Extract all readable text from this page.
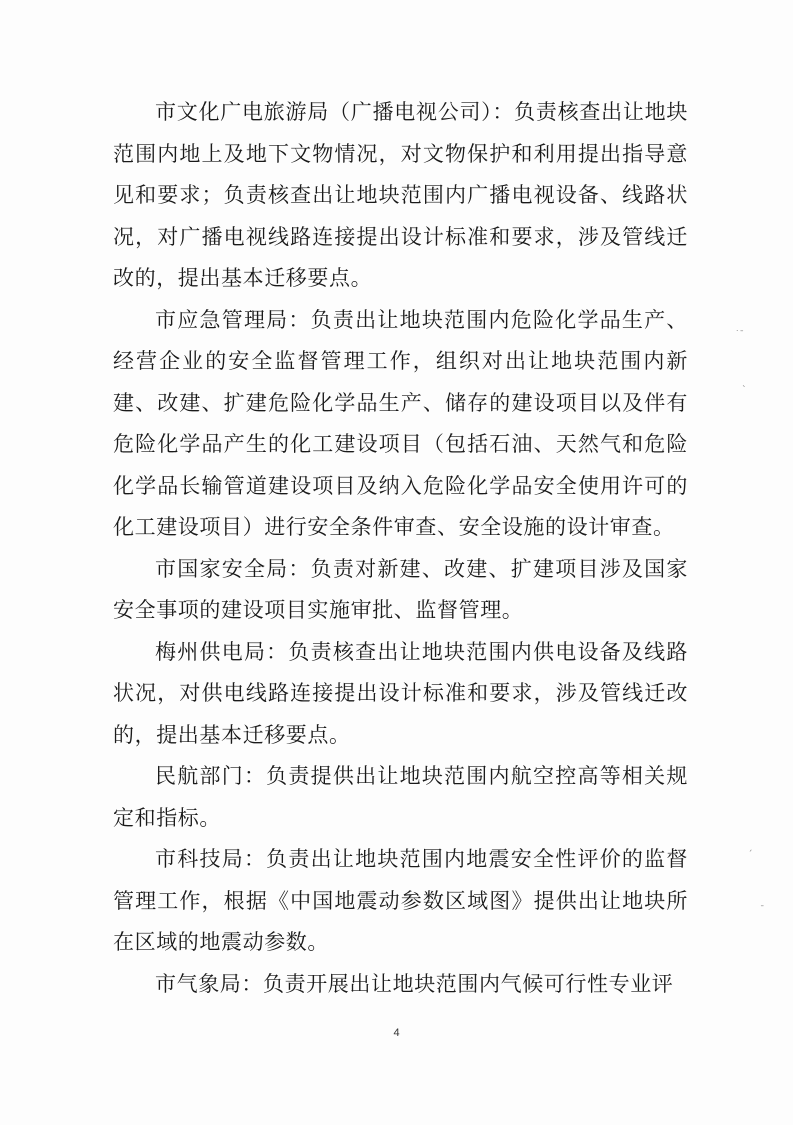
市文化广电旅游局（广播电视公司）：负责核查出让地块范围内地上及地下文物情况，对文物保护和利用提出指导意见和要求；负责核查出让地块范围内广播电视设备、线路状况，对广播电视线路连接提出设计标准和要求，涉及管线迁改的，提出基本迁移要点。

市应急管理局：负责出让地块范围内危险化学品生产、经营企业的安全监督管理工作，组织对出让地块范围内新建、改建、扩建危险化学品生产、储存的建设项目以及伴有危险化学品产生的化工建设项目（包括石油、天然气和危险化学品长输管道建设项目及纳入危险化学品安全使用许可的化工建设项目）进行安全条件审查、安全设施的设计审查。

市国家安全局：负责对新建、改建、扩建项目涉及国家安全事项的建设项目实施审批、监督管理。

梅州供电局：负责核查出让地块范围内供电设备及线路状况，对供电线路连接提出设计标准和要求，涉及管线迁改的，提出基本迁移要点。

民航部门：负责提供出让地块范围内航空控高等相关规定和指标。

市科技局：负责出让地块范围内地震安全性评价的监督管理工作，根据《中国地震动参数区域图》提供出让地块所在区域的地震动参数。

市气象局：负责开展出让地块范围内气候可行性专业评

4
˙ˉ
ˎ
ˊ
ˉ
